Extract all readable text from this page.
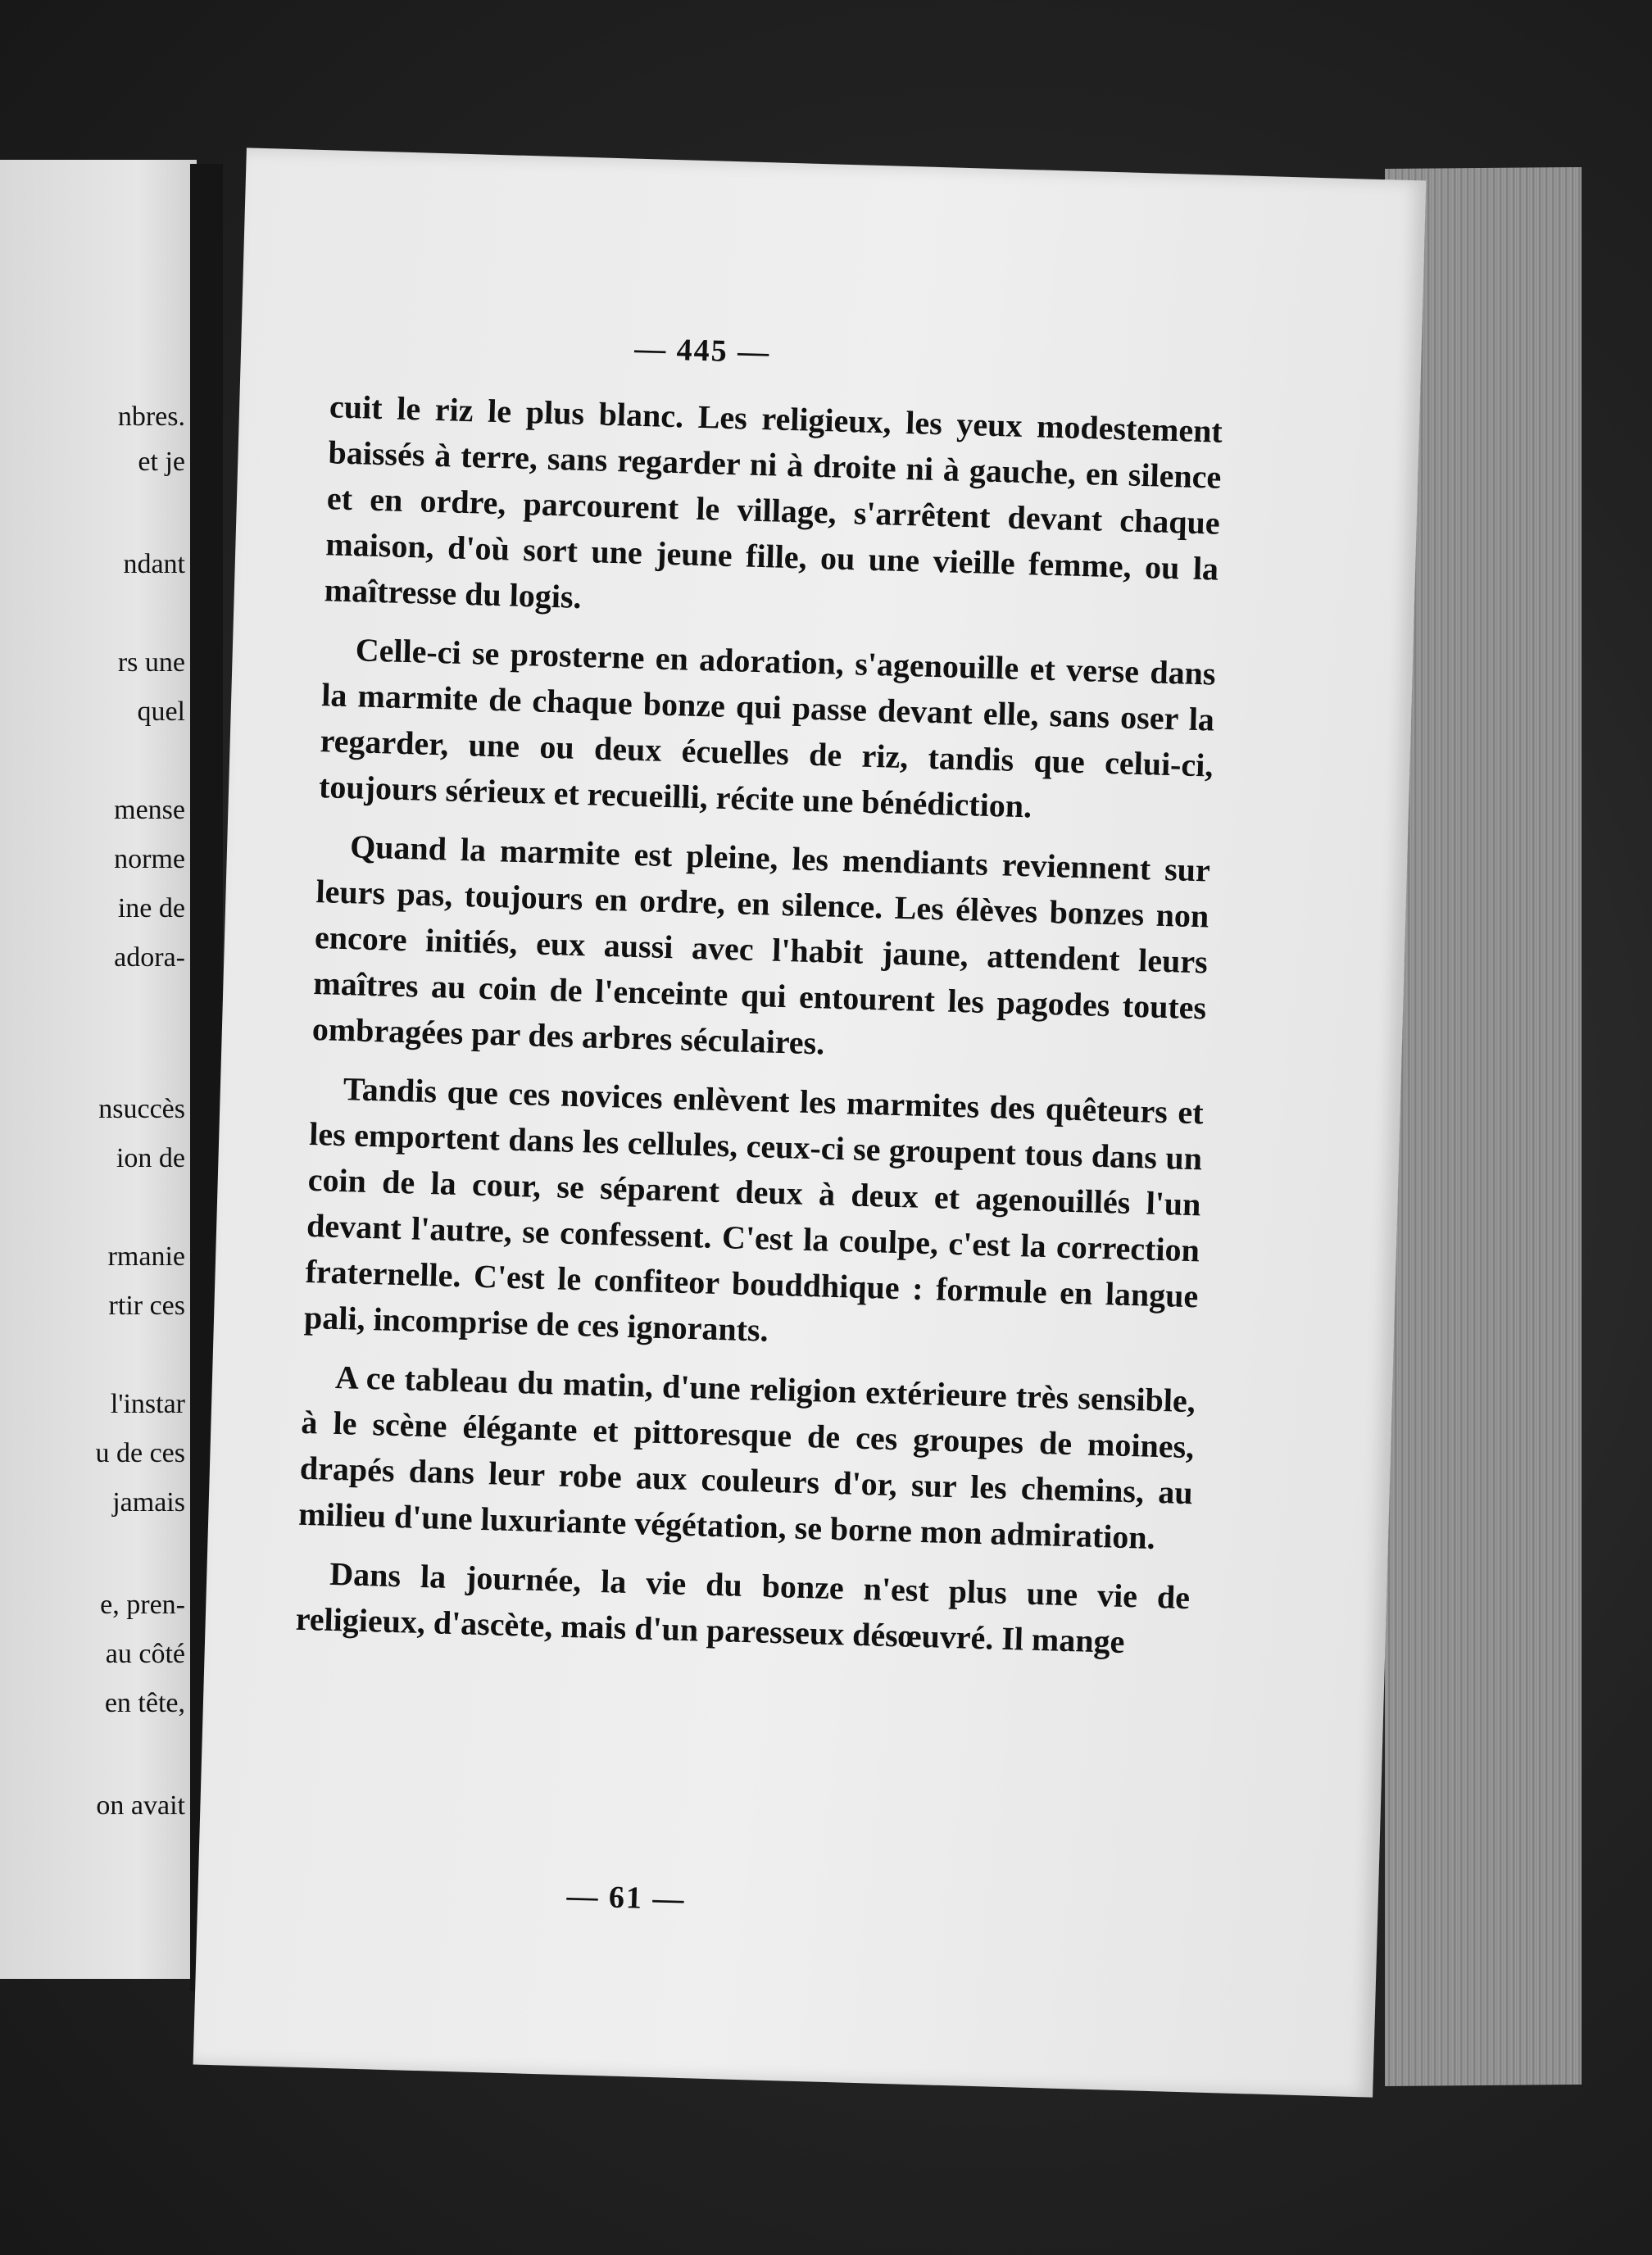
nbres.
et je
ndant
rs une
quel
mense
norme
ine de
adora-
nsuccès
ion de
rmanie
rtir ces
l'instar
u de ces
jamais
e, pren-
au côté
en tête,
on avait
— 445 —

cuit le riz le plus blanc. Les religieux, les yeux modestement baissés à terre, sans regarder ni à droite ni à gauche, en silence et en ordre, parcourent le village, s'arrêtent devant chaque maison, d'où sort une jeune fille, ou une vieille femme, ou la maîtresse du logis.

Celle-ci se prosterne en adoration, s'agenouille et verse dans la marmite de chaque bonze qui passe devant elle, sans oser la regarder, une ou deux écuelles de riz, tandis que celui-ci, toujours sérieux et recueilli, récite une bénédiction.

Quand la marmite est pleine, les mendiants reviennent sur leurs pas, toujours en ordre, en silence. Les élèves bonzes non encore initiés, eux aussi avec l'habit jaune, attendent leurs maîtres au coin de l'enceinte qui entourent les pagodes toutes ombragées par des arbres séculaires.

Tandis que ces novices enlèvent les marmites des quêteurs et les emportent dans les cellules, ceux-ci se groupent tous dans un coin de la cour, se séparent deux à deux et agenouillés l'un devant l'autre, se confessent. C'est la coulpe, c'est la correction fraternelle. C'est le confiteor bouddhique : formule en langue pali, incomprise de ces ignorants.

A ce tableau du matin, d'une religion extérieure très sensible, à le scène élégante et pittoresque de ces groupes de moines, drapés dans leur robe aux couleurs d'or, sur les chemins, au milieu d'une luxuriante végétation, se borne mon admiration.

Dans la journée, la vie du bonze n'est plus une vie de religieux, d'ascète, mais d'un paresseux désœuvré. Il mange

— 61 —
